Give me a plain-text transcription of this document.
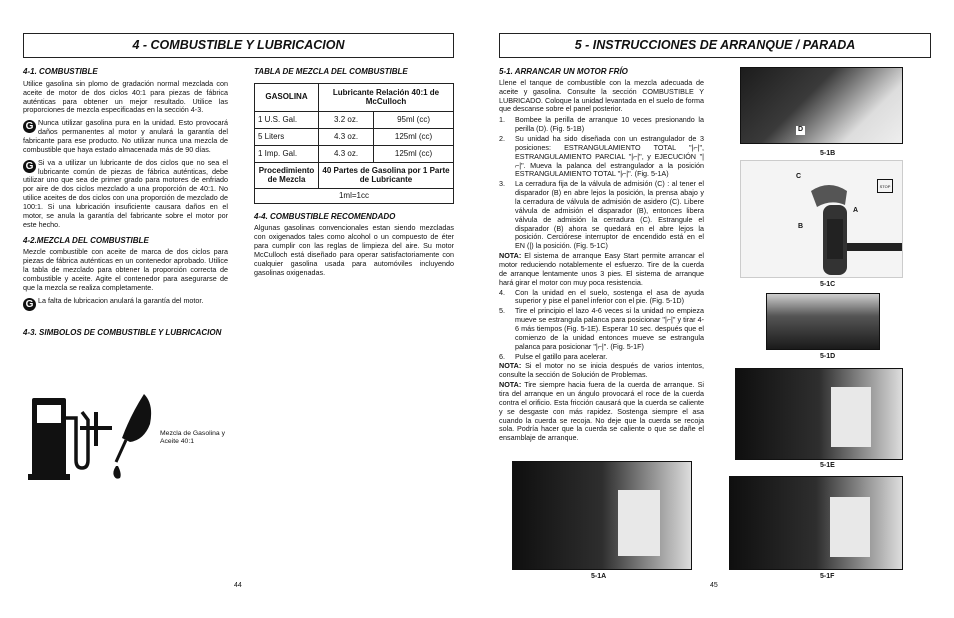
4 - COMBUSTIBLE Y LUBRICACION
4-1. COMBUSTIBLE

Utilice gasolina sin plomo de gradación normal mezclada con aceite de motor de dos ciclos 40:1 para piezas de fábrica auténticas para obtener un mejor resultado. Utilice las proporciones de mezcla especificadas en la sección 4-3.

G Nunca utilizar gasolina pura en la unidad. Esto provocará daños permanentes al motor y anulará la garantía del fabricante para ese producto. No utilizar nunca una mezcla de combustible que haya estado almacenada más de 90 días.

G Si va a utilizar un lubricante de dos ciclos que no sea el lubricante común de piezas de fábrica auténticas, debe utilizar uno que sea de primer grado para motores de enfriado por aire de dos ciclos mezclado a una proporción de 40:1. No utilice aceites de dos ciclos con una proporción de mezclado de 100:1. Si una lubricación insuficiente causara daños en el motor, se anula la garantía del fabricante sobre el motor por este hecho.

4-2.MEZCLA DEL COMBUSTIBLE

Mezcle combustible con aceite de marca de dos ciclos para piezas de fábrica auténticas en un contenedor aprobado. Utilice la tabla de mezclado para obtener la proporción correcta de combustible y aceite. Agite el contenedor para asegurarse de que la mezcla se realiza completamente.

G La falta de lubricacion anulará la garantía del motor.

4-3. SIMBOLOS DE COMBUSTIBLE Y LUBRICACION
Mezcla de Gasolina y Aceite 40:1
TABLA DE MEZCLA DEL COMBUSTIBLE
GASOLINA	Lubricante Relación 40:1 de McCulloch	
1 U.S. Gal.	3.2 oz.	95ml (cc)
5 Liters	4.3 oz.	125ml (cc)
1 Imp. Gal.	4.3 oz.	125ml (cc)
Procedimiento de Mezcla	40 Partes de Gasolina por 1 Parte de Lubricante	
1ml=1cc		
4-4. COMBUSTIBLE RECOMENDADO

Algunas gasolinas convencionales estan siendo mezcladas con oxigenados tales como alcohol o un compuesto de éter para cumplir con las reglas de limpieza del aire. Su motor McCulloch está diseñado para operar satisfactoriamente con cualquier gasolina usada para automóviles incluyendo gasolinas oxigenadas.

44
5 - INSTRUCCIONES DE ARRANQUE / PARADA
5-1. ARRANCAR UN MOTOR FRÍO

Llene el tanque de combustible con la mezcla adecuada de aceite y gasolina. Consulte la sección COMBUSTIBLE Y LUBRICADO. Coloque la unidad levantada en el suelo de forma que descanse sobre el panel posterior.

1.	Bombee la perilla de arranque 10 veces presionando la perilla (D). (Fig. 5-1B)
2.	Su unidad ha sido diseñada con un estrangulador de 3 posiciones: ESTRANGULAMIENTO TOTAL "|⌐|", ESTRANGULAMIENTO PARCIAL "|⌐|", y EJECUCIÓN "|⌐|". Mueva la palanca del estrangulador a la posición ESTRANGULAMIENTO TOTAL "|⌐|". (Fig. 5-1A)
3.	La cerradura fija de la válvula de admisión (C) : al tener el disparador (B) en abre lejos la posición, la prensa abajo y la cerradura de válvula de admisión de asidero (C). Libere válvula de admisión el disparador (B), entonces libera válvula de admisión la cerradura (C). Estrangule el disparador (B) ahora se quedará en el abre lejos la posición. Cerciórese interruptor de encendido está en el EN (|) la posición. (Fig. 5-1C)

NOTA: El sistema de arranque Easy Start permite arrancar el motor reduciendo notablemente el esfuerzo. Tire de la cuerda de arranque lentamente unos 3 pies. El sistema de arranque hará girar el motor con muy poca resistencia.

4.	Con la unidad en el suelo, sostenga el asa de ayuda superior y pise el panel inferior con el pie. (Fig. 5-1D)
5.	Tire el principio el lazo 4-6 veces si la unidad no empieza mueve se estrangula palanca para posicionar "|⌐|" y tirar 4-6 más tiempos (Fig. 5-1E). Esperar 10 sec. después que el comienzo de la unidad entonces mueve se estrangula palanca para posicionar "|⌐|". (Fig. 5-1F)
6.	Pulse el gatillo para acelerar.

NOTA: Si el motor no se inicia después de varios intentos, consulte la sección de Solución de Problemas.

NOTA: Tire siempre hacia fuera de la cuerda de arranque. Si tira del arranque en un ángulo provocará el roce de la cuerda contra el orificio. Esta fricción causará que la cuerda se caliente y se desgaste con más rapidez. Sostenga siempre el asa cuando la cuerda se recoja. No deje que la cuerda se recoja sola. Podría hacer que la cuerda se caliente o que se dañe el ensamblaje de arranque.

D
5-1B
C
A
B
STOP
5-1C
5-1D
5-1E
5-1A	5-1F
45
